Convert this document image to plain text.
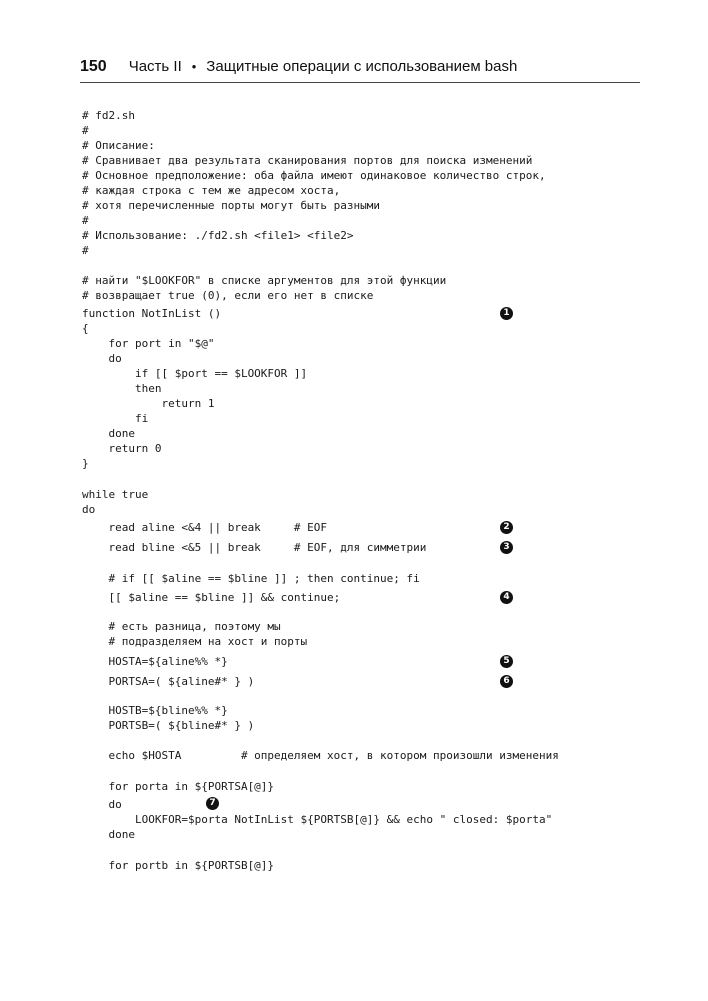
150 Часть II • Защитные операции с использованием bash
# fd2.sh
#
# Описание:
# Сравнивает два результата сканирования портов для поиска изменений
# Основное предположение: оба файла имеют одинаковое количество строк,
# каждая строка с тем же адресом хоста,
# хотя перечисленные порты могут быть разными
#
# Использование: ./fd2.sh <file1> <file2>
#
# найти "$LOOKFOR" в списке аргументов для этой функции
# возвращает true (0), если его нет в списке
function NotInList ()	1
{
for port in "$@"
do
if [[ $port == $LOOKFOR ]]
then
return 1
fi
done
return 0
}
while true
do
read aline <&4 || break     # EOF	2
read bline <&5 || break     # EOF, для симметрии	3
# if [[ $aline == $bline ]] ; then continue; fi
[[ $aline == $bline ]] && continue;	4
# есть разница, поэтому мы
# подразделяем на хост и порты
HOSTA=${aline%% *}	5
PORTSA=( ${aline#* } )	6
HOSTB=${bline%% *}
PORTSB=( ${bline#* } )
echo $HOSTA         # определяем хост, в котором произошли изменения
for porta in ${PORTSA[@]}
do	7
LOOKFOR=$porta NotInList ${PORTSB[@]} && echo " closed: $porta"
done
for portb in ${PORTSB[@]}
